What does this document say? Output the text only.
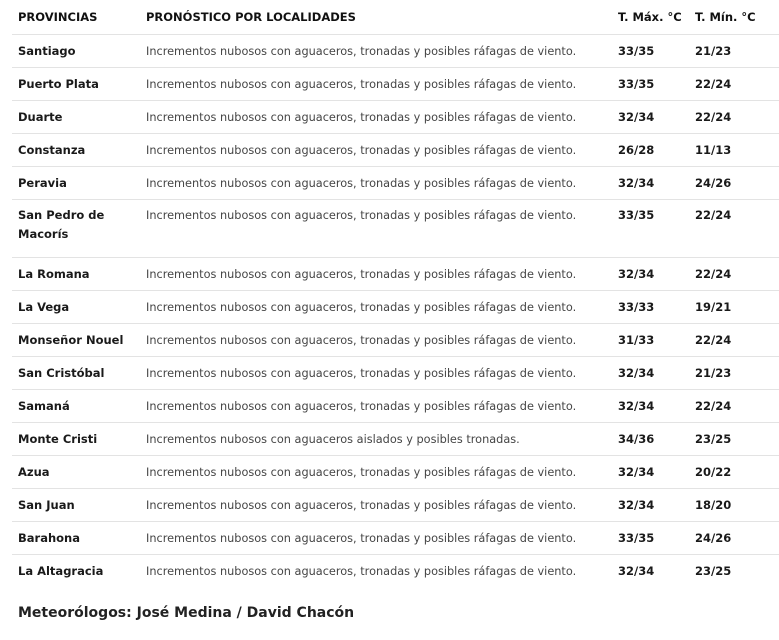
PROVINCIAS	PRONÓSTICO POR LOCALIDADES	T. Máx. °C	T. Mín. °C
Santiago	Incrementos nubosos con aguaceros, tronadas y posibles ráfagas de viento.	33/35	21/23
Puerto Plata	Incrementos nubosos con aguaceros, tronadas y posibles ráfagas de viento.	33/35	22/24
Duarte	Incrementos nubosos con aguaceros, tronadas y posibles ráfagas de viento.	32/34	22/24
Constanza	Incrementos nubosos con aguaceros, tronadas y posibles ráfagas de viento.	26/28	11/13
Peravia	Incrementos nubosos con aguaceros, tronadas y posibles ráfagas de viento.	32/34	24/26
San Pedro de Macorís	Incrementos nubosos con aguaceros, tronadas y posibles ráfagas de viento.	33/35	22/24
La Romana	Incrementos nubosos con aguaceros, tronadas y posibles ráfagas de viento.	32/34	22/24
La Vega	Incrementos nubosos con aguaceros, tronadas y posibles ráfagas de viento.	33/33	19/21
Monseñor Nouel	Incrementos nubosos con aguaceros, tronadas y posibles ráfagas de viento.	31/33	22/24
San Cristóbal	Incrementos nubosos con aguaceros, tronadas y posibles ráfagas de viento.	32/34	21/23
Samaná	Incrementos nubosos con aguaceros, tronadas y posibles ráfagas de viento.	32/34	22/24
Monte Cristi	Incrementos nubosos con aguaceros aislados y posibles tronadas.	34/36	23/25
Azua	Incrementos nubosos con aguaceros, tronadas y posibles ráfagas de viento.	32/34	20/22
San Juan	Incrementos nubosos con aguaceros, tronadas y posibles ráfagas de viento.	32/34	18/20
Barahona	Incrementos nubosos con aguaceros, tronadas y posibles ráfagas de viento.	33/35	24/26
La Altagracia	Incrementos nubosos con aguaceros, tronadas y posibles ráfagas de viento.	32/34	23/25
Meteorólogos: José Medina / David Chacón
